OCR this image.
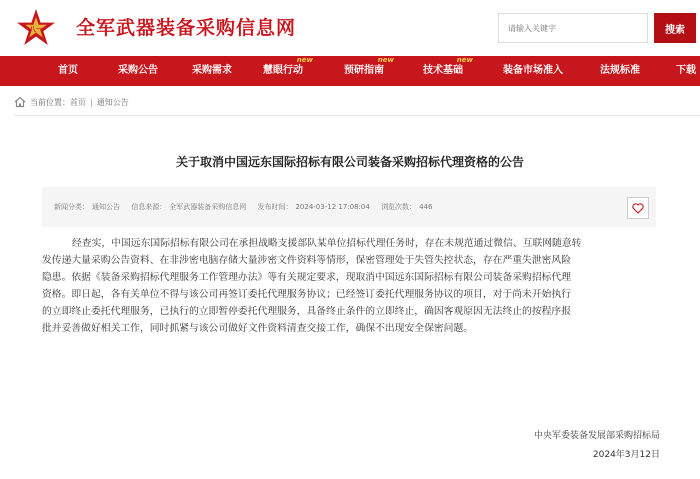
八一 全军武器装备采购信息网
请输入关键字	搜索
首页	采购公告	采购需求	慧眼行动
new
预研指南
new
技术基础
new
装备市场准入	法规标准	下载
当前位置： 首页 | 通知公告
关于取消中国远东国际招标有限公司装备采购招标代理资格的公告
新闻分类： 通知公告 信息来源： 全军武器装备采购信息网 发布时间： 2024-03-12 17:08:04 浏览次数： 446
经查实，中国远东国际招标有限公司在承担战略支援部队某单位招标代理任务时，存在未规范通过微信、互联网随意转
发传递大量采购公告资料、在非涉密电脑存储大量涉密文件资料等情形，保密管理处于失管失控状态，存在严重失泄密风险
隐患。依据《装备采购招标代理服务工作管理办法》等有关规定要求，现取消中国远东国际招标有限公司装备采购招标代理
资格。即日起，各有关单位不得与该公司再签订委托代理服务协议；已经签订委托代理服务协议的项目，对于尚未开始执行
的立即终止委托代理服务，已执行的立即暂停委托代理服务，具备终止条件的立即终止，确因客观原因无法终止的按程序报
批并妥善做好相关工作，同时抓紧与该公司做好文件资料清查交接工作，确保不出现安全保密问题。
中央军委装备发展部采购招标局
2024年3月12日
